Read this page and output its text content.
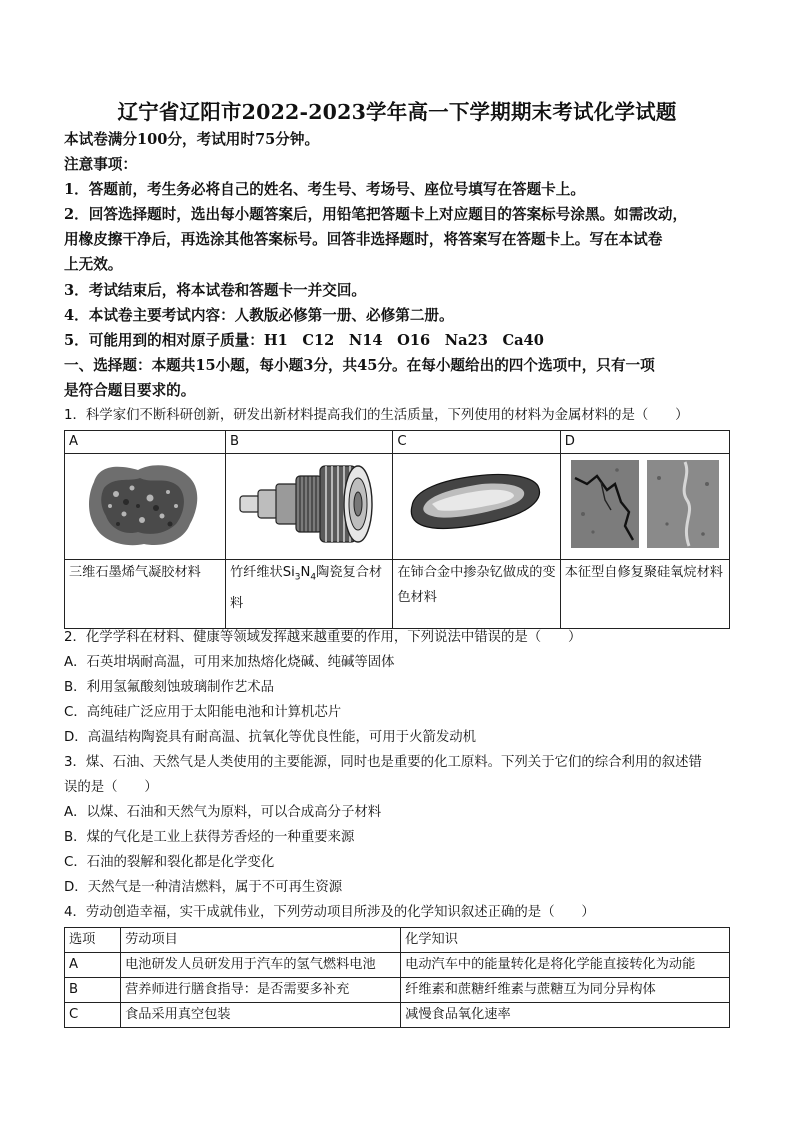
辽宁省辽阳市2022-2023学年高一下学期期末考试化学试题
本试卷满分100分，考试用时75分钟。
注意事项：
1．答题前，考生务必将自己的姓名、考生号、考场号、座位号填写在答题卡上。
2．回答选择题时，选出每小题答案后，用铅笔把答题卡上对应题目的答案标号涂黑。如需改动，
用橡皮擦干净后，再选涂其他答案标号。回答非选择题时，将答案写在答题卡上。写在本试卷
上无效。
3．考试结束后，将本试卷和答题卡一并交回。
4．本试卷主要考试内容：人教版必修第一册、必修第二册。
5．可能用到的相对原子质量：H1　C12　N14　O16　Na23　Ca40
一、选择题：本题共15小题，每小题3分，共45分。在每小题给出的四个选项中，只有一项
是符合题目要求的。
1．科学家们不断科研创新，研发出新材料提高我们的生活质量，下列使用的材料为金属材料的是（　　）
A	B	C	D

三维石墨烯气凝胶材料	竹纤维状$Si_3N_4$陶瓷复合材料	在铈合金中掺杂钇做成的变色材料	本征型自修复聚硅氧烷材料
2．化学学科在材料、健康等领域发挥越来越重要的作用，下列说法中错误的是（　　）
A．石英坩埚耐高温，可用来加热熔化烧碱、纯碱等固体
B．利用氢氟酸刻蚀玻璃制作艺术品
C．高纯硅广泛应用于太阳能电池和计算机芯片
D．高温结构陶瓷具有耐高温、抗氧化等优良性能，可用于火箭发动机
3．煤、石油、天然气是人类使用的主要能源，同时也是重要的化工原料。下列关于它们的综合利用的叙述错
误的是（　　）
A．以煤、石油和天然气为原料，可以合成高分子材料
B．煤的气化是工业上获得芳香烃的一种重要来源
C．石油的裂解和裂化都是化学变化
D．天然气是一种清洁燃料，属于不可再生资源
4．劳动创造幸福，实干成就伟业，下列劳动项目所涉及的化学知识叙述正确的是（　　）
选项	劳动项目	化学知识
A	电池研发人员研发用于汽车的氢气燃料电池	电动汽车中的能量转化是将化学能直接转化为动能
B	营养师进行膳食指导：是否需要多补充	纤维素和蔗糖纤维素与蔗糖互为同分异构体
C	食品采用真空包装	减慢食品氧化速率
